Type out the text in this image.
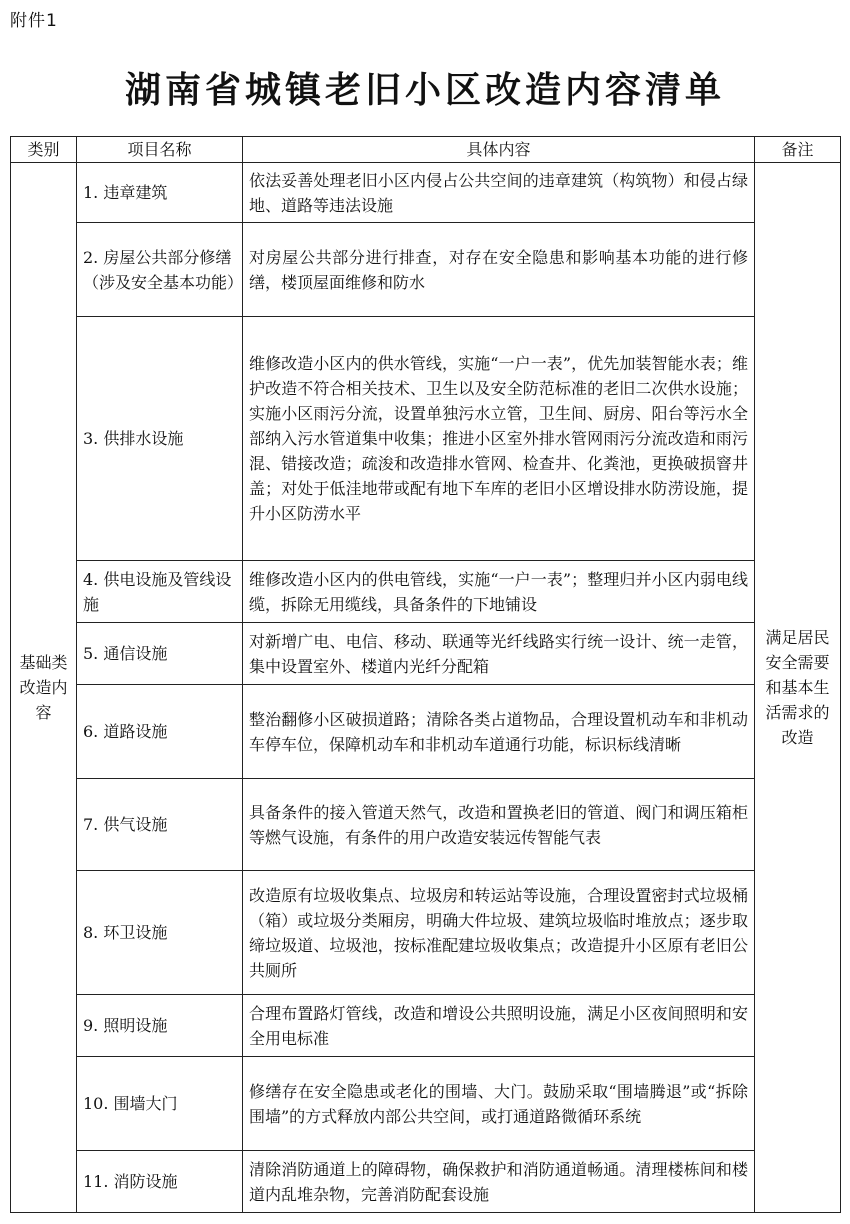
附件1
湖南省城镇老旧小区改造内容清单
类别	项目名称	具体内容	备注
基础类改造内容	1. 违章建筑	依法妥善处理老旧小区内侵占公共空间的违章建筑（构筑物）和侵占绿地、道路等违法设施	满足居民安全需要和基本生活需求的改造
	2. 房屋公共部分修缮（涉及安全基本功能）	对房屋公共部分进行排查，对存在安全隐患和影响基本功能的进行修缮，楼顶屋面维修和防水	
	3. 供排水设施	维修改造小区内的供水管线，实施“一户一表”，优先加装智能水表；维护改造不符合相关技术、卫生以及安全防范标准的老旧二次供水设施；实施小区雨污分流，设置单独污水立管，卫生间、厨房、阳台等污水全部纳入污水管道集中收集；推进小区室外排水管网雨污分流改造和雨污混、错接改造；疏浚和改造排水管网、检查井、化粪池，更换破损窨井盖；对处于低洼地带或配有地下车库的老旧小区增设排水防涝设施，提升小区防涝水平	
	4. 供电设施及管线设施	维修改造小区内的供电管线，实施“一户一表”；整理归并小区内弱电线缆，拆除无用缆线，具备条件的下地铺设	
	5. 通信设施	对新增广电、电信、移动、联通等光纤线路实行统一设计、统一走管，集中设置室外、楼道内光纤分配箱	
	6. 道路设施	整治翻修小区破损道路；清除各类占道物品，合理设置机动车和非机动车停车位，保障机动车和非机动车道通行功能，标识标线清晰	
	7. 供气设施	具备条件的接入管道天然气，改造和置换老旧的管道、阀门和调压箱柜等燃气设施，有条件的用户改造安装远传智能气表	
	8. 环卫设施	改造原有垃圾收集点、垃圾房和转运站等设施，合理设置密封式垃圾桶（箱）或垃圾分类厢房，明确大件垃圾、建筑垃圾临时堆放点；逐步取缔垃圾道、垃圾池，按标准配建垃圾收集点；改造提升小区原有老旧公共厕所	
	9. 照明设施	合理布置路灯管线，改造和增设公共照明设施，满足小区夜间照明和安全用电标准	
	10. 围墙大门	修缮存在安全隐患或老化的围墙、大门。鼓励采取“围墙腾退”或“拆除围墙”的方式释放内部公共空间，或打通道路微循环系统	
	11. 消防设施	清除消防通道上的障碍物，确保救护和消防通道畅通。清理楼栋间和楼道内乱堆杂物，完善消防配套设施	
